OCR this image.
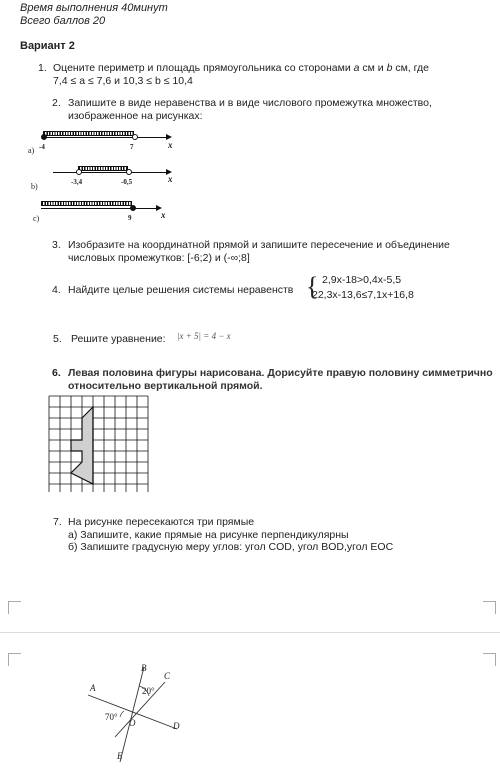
Время выполнения 40минут
Всего баллов 20
Вариант 2
1. Оцените периметр и площадь прямоугольника со сторонами a см и b см, где
7,4 ≤ a ≤ 7,6 и 10,3 ≤ b ≤ 10,4
2. Запишите в виде неравенства и в виде числового промежутка множество,
изображенное на рисунках:
a) -4	7	x
b)	-3,4	-0,5	x
c)	9	x
3. Изобразите на координатной прямой и запишите пересечение и объединение
числовых промежутков: [-6;2) и (-∞;8]
4. Найдите целые решения системы неравенств { 2,9x-18>0,4x-5,5
22,3x-13,6≤7,1x+16,8
5. Решите уравнение: |x + 5| = 4 − x
6. Левая половина фигуры нарисована. Дорисуйте правую половину симметрично
относительно вертикальной прямой.
7. На рисунке пересекаются три прямые
а) Запишите, какие прямые на рисунке перпендикулярны
б) Запишите градусную меру углов: угол COD, угол BOD,угол EOC
A
B
C
D
E
O
20°
70°
